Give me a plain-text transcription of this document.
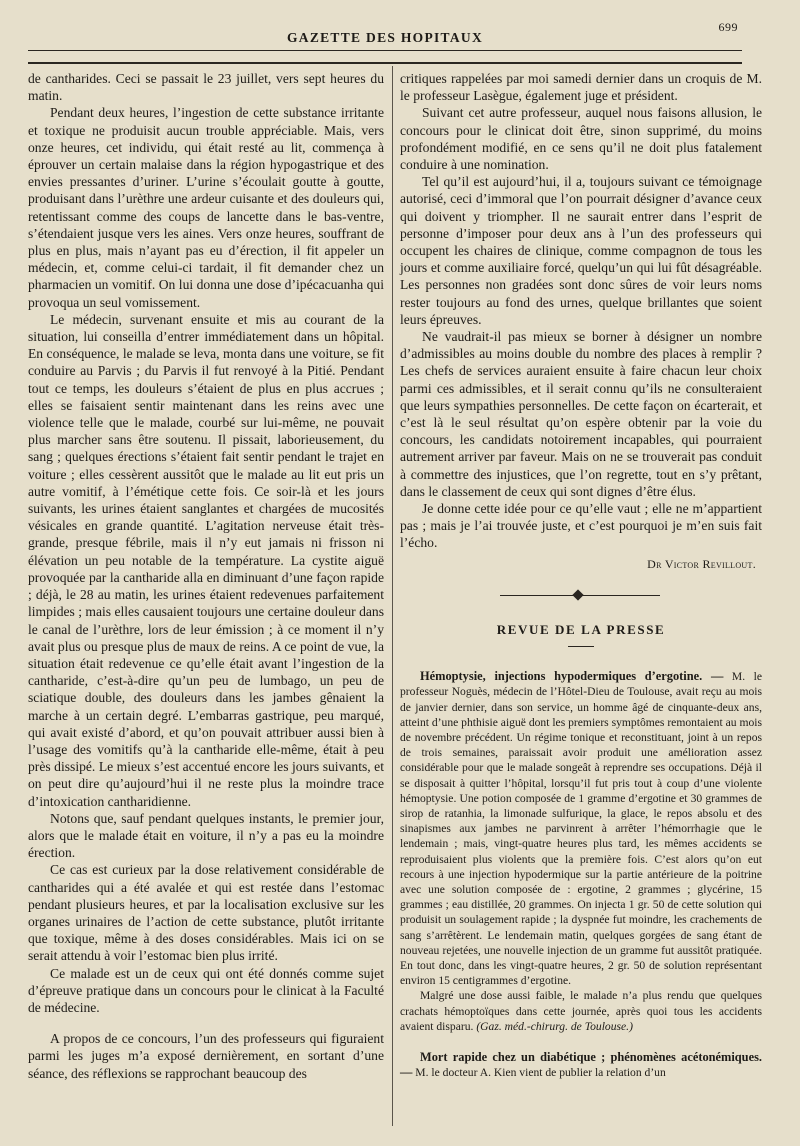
699
GAZETTE DES HOPITAUX

de cantharides. Ceci se passait le 23 juillet, vers sept heures du matin.

Pendant deux heures, l’ingestion de cette substance irritante et toxique ne produisit aucun trouble appréciable. Mais, vers onze heures, cet individu, qui était resté au lit, commença à éprouver un certain malaise dans la région hypogastrique et des envies pressantes d’uriner. L’urine s’écoulait goutte à goutte, produisant dans l’urèthre une ardeur cuisante et des douleurs qui, retentissant comme des coups de lancette dans le bas-ventre, s’étendaient jusque vers les aines. Vers onze heures, souffrant de plus en plus, mais n’ayant pas eu d’érection, il fit appeler un médecin, et, comme celui-ci tardait, il fit demander chez un pharmacien un vomitif. On lui donna une dose d’ipécacuanha qui provoqua un seul vomissement.

Le médecin, survenant ensuite et mis au courant de la situation, lui conseilla d’entrer immédiatement dans un hôpital. En conséquence, le malade se leva, monta dans une voiture, se fit conduire au Parvis ; du Parvis il fut renvoyé à la Pitié. Pendant tout ce temps, les douleurs s’étaient de plus en plus accrues ; elles se faisaient sentir maintenant dans les reins avec une violence telle que le malade, courbé sur lui-même, ne pouvait plus marcher sans être soutenu. Il pissait, laborieusement, du sang ; quelques érections s’étaient fait sentir pendant le trajet en voiture ; elles cessèrent aussitôt que le malade au lit eut pris un autre vomitif, à l’émétique cette fois. Ce soir-là et les jours suivants, les urines étaient sanglantes et chargées de mucosités vésicales en grande quantité. L’agitation nerveuse était très-grande, presque fébrile, mais il n’y eut jamais ni frisson ni élévation un peu notable de la température. La cystite aiguë provoquée par la cantharide alla en diminuant d’une façon rapide ; déjà, le 28 au matin, les urines étaient redevenues parfaitement limpides ; mais elles causaient toujours une certaine douleur dans le canal de l’urèthre, lors de leur émission ; à ce moment il n’y avait plus ou presque plus de maux de reins. A ce point de vue, la situation était redevenue ce qu’elle était avant l’ingestion de la cantharide, c’est-à-dire qu’un peu de lumbago, un peu de sciatique double, des douleurs dans les jambes gênaient la marche à un certain degré. L’embarras gastrique, peu marqué, qui avait existé d’abord, et qu’on pouvait attribuer aussi bien à l’usage des vomitifs qu’à la cantharide elle-même, était à peu près dissipé. Le mieux s’est accentué encore les jours suivants, et on peut dire qu’aujourd’hui il ne reste plus la moindre trace d’intoxication cantharidienne.

Notons que, sauf pendant quelques instants, le premier jour, alors que le malade était en voiture, il n’y a pas eu la moindre érection.

Ce cas est curieux par la dose relativement considérable de cantharides qui a été avalée et qui est restée dans l’estomac pendant plusieurs heures, et par la localisation exclusive sur les organes urinaires de l’action de cette substance, plutôt irritante que toxique, même à des doses considérables. Mais ici on se serait attendu à voir l’estomac bien plus irrité.

Ce malade est un de ceux qui ont été donnés comme sujet d’épreuve pratique dans un concours pour le clinicat à la Faculté de médecine.

A propos de ce concours, l’un des professeurs qui figuraient parmi les juges m’a exposé dernièrement, en sortant d’une séance, des réflexions se rapprochant beaucoup des

critiques rappelées par moi samedi dernier dans un croquis de M. le professeur Lasègue, également juge et président.

Suivant cet autre professeur, auquel nous faisons allusion, le concours pour le clinicat doit être, sinon supprimé, du moins profondément modifié, en ce sens qu’il ne doit plus fatalement conduire à une nomination.

Tel qu’il est aujourd’hui, il a, toujours suivant ce témoignage autorisé, ceci d’immoral que l’on pourrait désigner d’avance ceux qui doivent y triompher. Il ne saurait entrer dans l’esprit de personne d’imposer pour deux ans à l’un des professeurs qui occupent les chaires de clinique, comme compagnon de tous les jours et comme auxiliaire forcé, quelqu’un qui lui fût désagréable. Les personnes non gradées sont donc sûres de voir leurs noms rester toujours au fond des urnes, quelque brillantes que soient leurs épreuves.

Ne vaudrait-il pas mieux se borner à désigner un nombre d’admissibles au moins double du nombre des places à remplir ? Les chefs de services auraient ensuite à faire chacun leur choix parmi ces admissibles, et il serait connu qu’ils ne consulteraient que leurs sympathies personnelles. De cette façon on écarterait, et c’est là le seul résultat qu’on espère obtenir par la voie du concours, les candidats notoirement incapables, qui pourraient autrement arriver par faveur. Mais on ne se trouverait pas conduit à commettre des injustices, que l’on regrette, tout en s’y prêtant, dans le classement de ceux qui sont dignes d’être élus.

Je donne cette idée pour ce qu’elle vaut ; elle ne m’appartient pas ; mais je l’ai trouvée juste, et c’est pourquoi je m’en suis fait l’écho.

Dr Victor Revillout.
REVUE DE LA PRESSE

Hémoptysie, injections hypodermiques d’ergotine. — M. le professeur Noguès, médecin de l’Hôtel-Dieu de Toulouse, avait reçu au mois de janvier dernier, dans son service, un homme âgé de cinquante-deux ans, atteint d’une phthisie aiguë dont les premiers symptômes remontaient au mois de novembre précédent. Un régime tonique et reconstituant, joint à un repos de trois semaines, paraissait avoir produit une amélioration assez considérable pour que le malade songeât à reprendre ses occupations. Déjà il se disposait à quitter l’hôpital, lorsqu’il fut pris tout à coup d’une violente hémoptysie. Une potion composée de 1 gramme d’ergotine et 30 grammes de sirop de ratanhia, la limonade sulfurique, la glace, le repos absolu et des sinapismes aux jambes ne parvinrent à arrêter l’hémorrhagie que le lendemain ; mais, vingt-quatre heures plus tard, les mêmes accidents se reproduisaient plus violents que la première fois. C’est alors qu’on eut recours à une injection hypodermique sur la partie antérieure de la poitrine avec une solution composée de : ergotine, 2 grammes ; glycérine, 15 grammes ; eau distillée, 20 grammes. On injecta 1 gr. 50 de cette solution qui produisit un soulagement rapide ; la dyspnée fut moindre, les crachements de sang s’arrêtèrent. Le lendemain matin, quelques gorgées de sang étant de nouveau rejetées, une nouvelle injection de un gramme fut aussitôt pratiquée. En tout donc, dans les vingt-quatre heures, 2 gr. 50 de solution représentant environ 15 centigrammes d’ergotine.

Malgré une dose aussi faible, le malade n’a plus rendu que quelques crachats hémoptoïques dans cette journée, après quoi tous les accidents avaient disparu. (Gaz. méd.-chirurg. de Toulouse.)

Mort rapide chez un diabétique ; phénomènes acétonémiques. — M. le docteur A. Kien vient de publier la relation d’un
